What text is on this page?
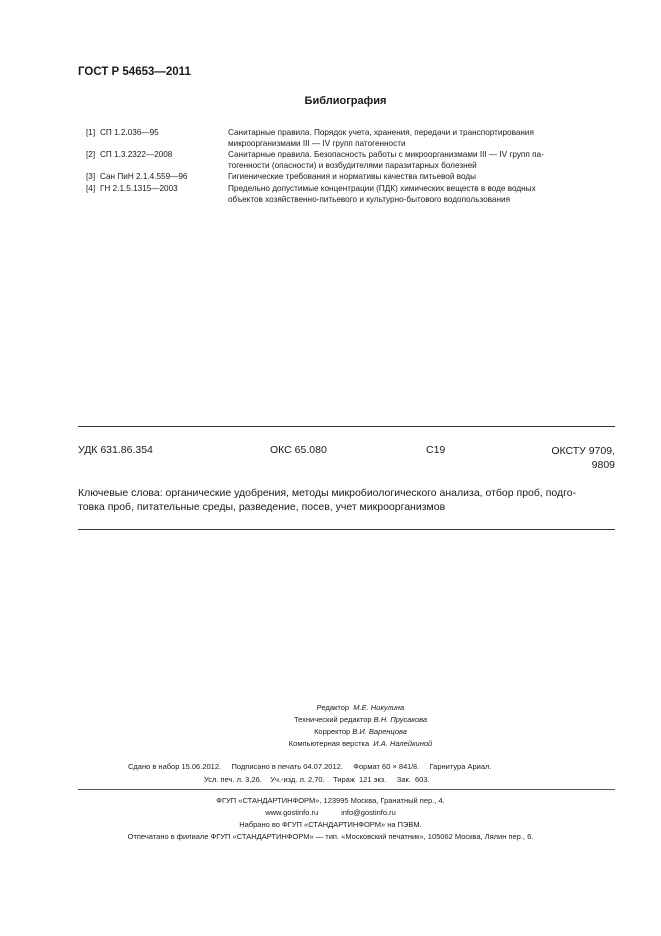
ГОСТ Р 54653—2011
Библиография
[1] СП 1.2.036—95	Санитарные правила. Порядок учета, хранения, передачи и транспортирования
микроорганизмами III — IV групп патогенности
[2] СП 1.3.2322—2008	Санитарные правила. Безопасность работы с микроорганизмами III — IV групп па-
тогенности (опасности) и возбудителями паразитарных болезней
[3] Сан ПиН 2.1.4.559—96	Гигиенические требования и нормативы качества питьевой воды
[4] ГН 2.1.5.1315—2003	Предельно допустимые концентрации (ПДК) химических веществ в воде водных
объектов хозяйственно-питьевого и культурно-бытового водопользования
УДК 631.86.354	ОКС 65.080	С19	ОКСТУ 9709,
9809
Ключевые слова: органические удобрения, методы микробиологического анализа, отбор проб, подго-
товка проб, питательные среды, разведение, посев, учет микроорганизмов
Редактор М.Е. Никулина
Технический редактор В.Н. Прусакова
Корректор В.И. Варенцова
Компьютерная верстка И.А. Налейкиной
Сдано в набор 15.06.2012. Подписано в печать 04.07.2012. Формат 60 × 841/8.     Гарнитура Ариал.
Усл. печ. л. 3,26. Уч.-изд. л. 2,70. Тираж 121 экз. Зак. 603.
ФГУП «СТАНДАРТИНФОРМ», 123995 Москва, Гранатный пер., 4.
www.gostinfo.ru	info@gostinfo.ru
Набрано во ФГУП «СТАНДАРТИНФОРМ» на ПЭВМ.
Отпечатано в филиале ФГУП «СТАНДАРТИНФОРМ» — тип. «Московский печатник», 105062 Москва, Лялин пер., 6.
